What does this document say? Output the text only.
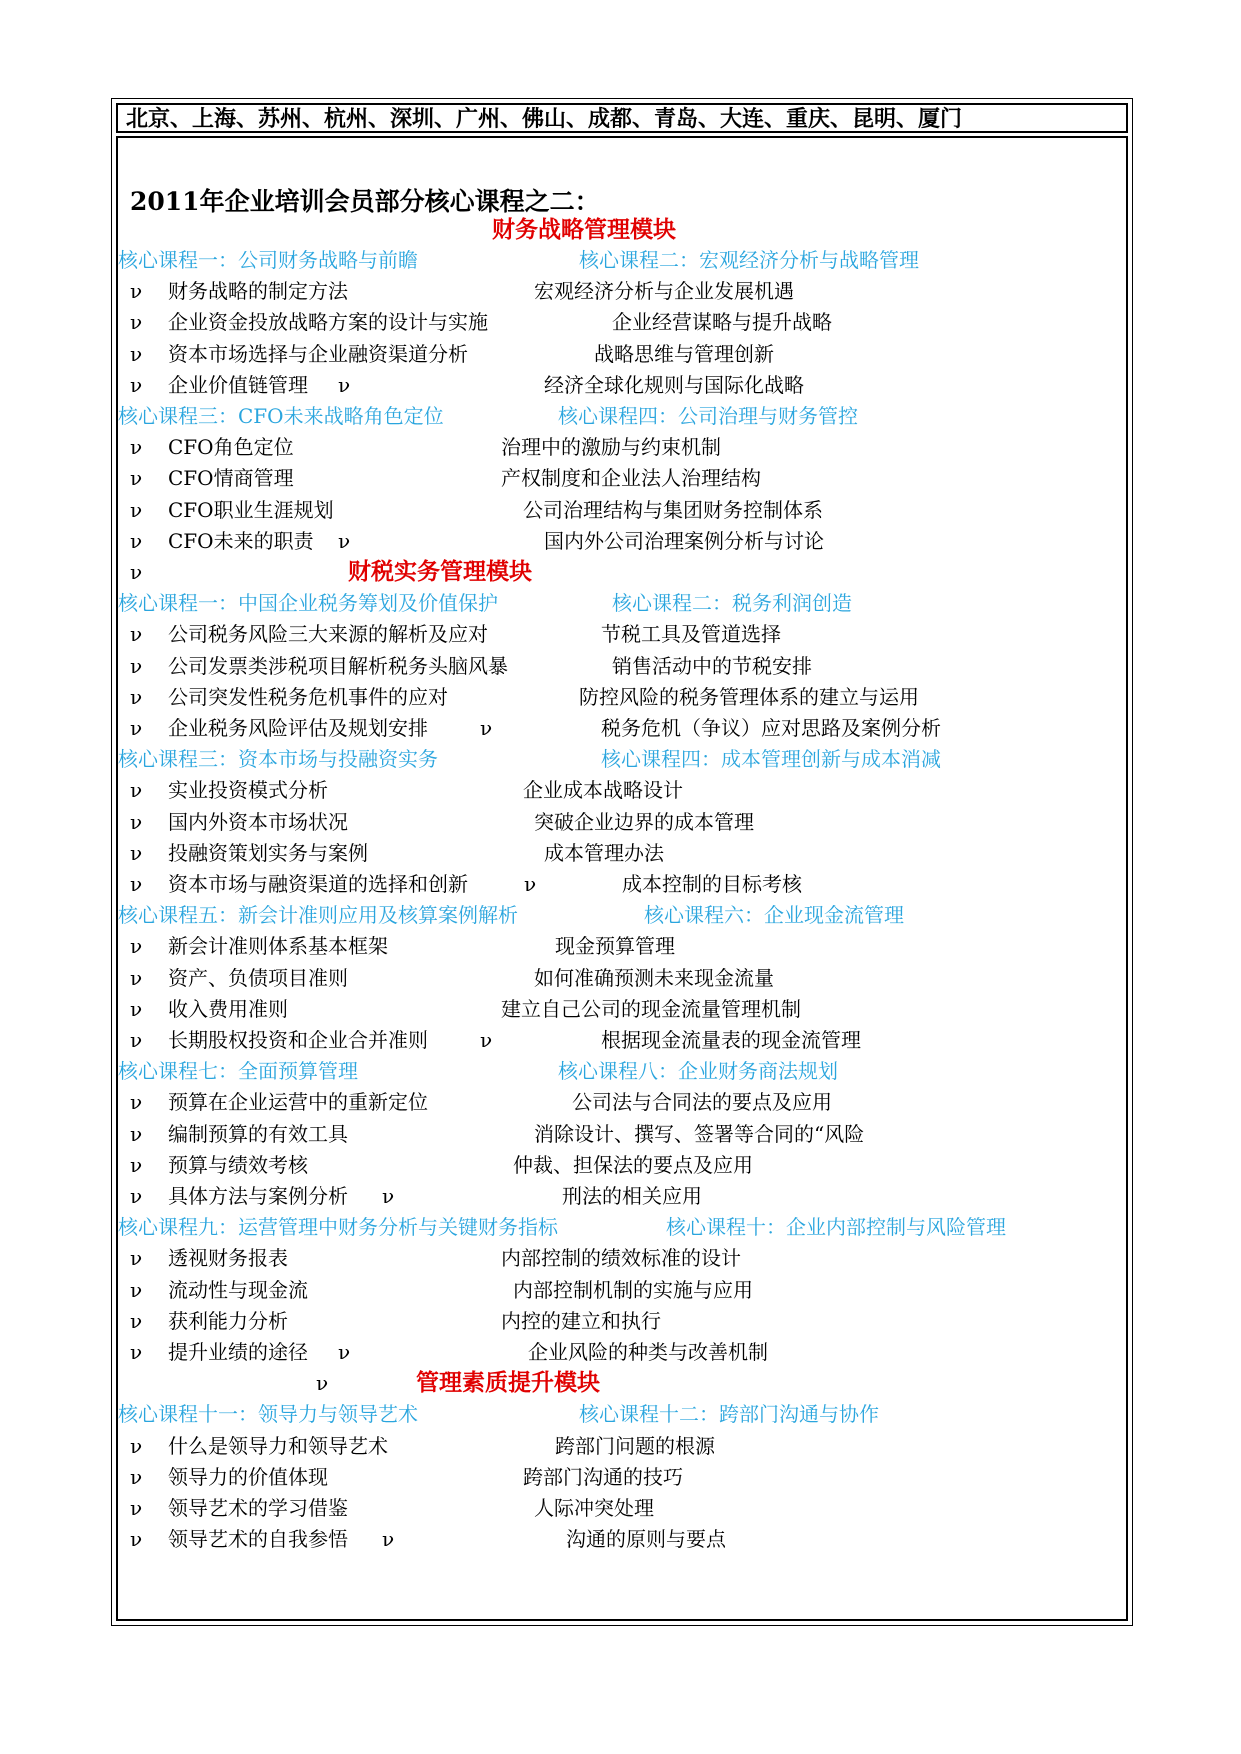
北京、上海、苏州、杭州、深圳、广州、佛山、成都、青岛、大连、重庆、昆明、厦门
2011年企业培训会员部分核心课程之二：
财务战略管理模块
核心课程一：公司财务战略与前瞻	核心课程二：宏观经济分析与战略管理
ν 财务战略的制定方法	宏观经济分析与企业发展机遇
ν 企业资金投放战略方案的设计与实施	企业经营谋略与提升战略
ν 资本市场选择与企业融资渠道分析	战略思维与管理创新
ν 企业价值链管理 ν	经济全球化规则与国际化战略
核心课程三：CFO未来战略角色定位	核心课程四：公司治理与财务管控
ν CFO角色定位	治理中的激励与约束机制
ν CFO情商管理	产权制度和企业法人治理结构
ν CFO职业生涯规划	公司治理结构与集团财务控制体系
ν CFO未来的职责 ν	国内外公司治理案例分析与讨论
ν	财税实务管理模块
核心课程一：中国企业税务筹划及价值保护	核心课程二：税务利润创造
ν 公司税务风险三大来源的解析及应对	节税工具及管道选择
ν 公司发票类涉税项目解析税务头脑风暴	销售活动中的节税安排
ν 公司突发性税务危机事件的应对	防控风险的税务管理体系的建立与运用
ν 企业税务风险评估及规划安排	ν	税务危机（争议）应对思路及案例分析
核心课程三：资本市场与投融资实务	核心课程四：成本管理创新与成本消减
ν 实业投资模式分析	企业成本战略设计
ν 国内外资本市场状况	突破企业边界的成本管理
ν 投融资策划实务与案例	成本管理办法
ν 资本市场与融资渠道的选择和创新	ν	成本控制的目标考核
核心课程五：新会计准则应用及核算案例解析	核心课程六：企业现金流管理
ν 新会计准则体系基本框架	现金预算管理
ν 资产、负债项目准则	如何准确预测未来现金流量
ν 收入费用准则	建立自己公司的现金流量管理机制
ν 长期股权投资和企业合并准则	ν	根据现金流量表的现金流管理
核心课程七：全面预算管理	核心课程八：企业财务商法规划
ν 预算在企业运营中的重新定位	公司法与合同法的要点及应用
ν 编制预算的有效工具	消除设计、撰写、签署等合同的“风险
ν 预算与绩效考核	仲裁、担保法的要点及应用
ν 具体方法与案例分析 ν	刑法的相关应用
核心课程九：运营管理中财务分析与关键财务指标	核心课程十：企业内部控制与风险管理
ν 透视财务报表	内部控制的绩效标准的设计
ν 流动性与现金流	内部控制机制的实施与应用
ν 获利能力分析	内控的建立和执行
ν 提升业绩的途径 ν	企业风险的种类与改善机制
ν	管理素质提升模块
核心课程十一：领导力与领导艺术	核心课程十二：跨部门沟通与协作
ν 什么是领导力和领导艺术	跨部门问题的根源
ν 领导力的价值体现	跨部门沟通的技巧
ν 领导艺术的学习借鉴	人际冲突处理
ν 领导艺术的自我参悟 ν	沟通的原则与要点
